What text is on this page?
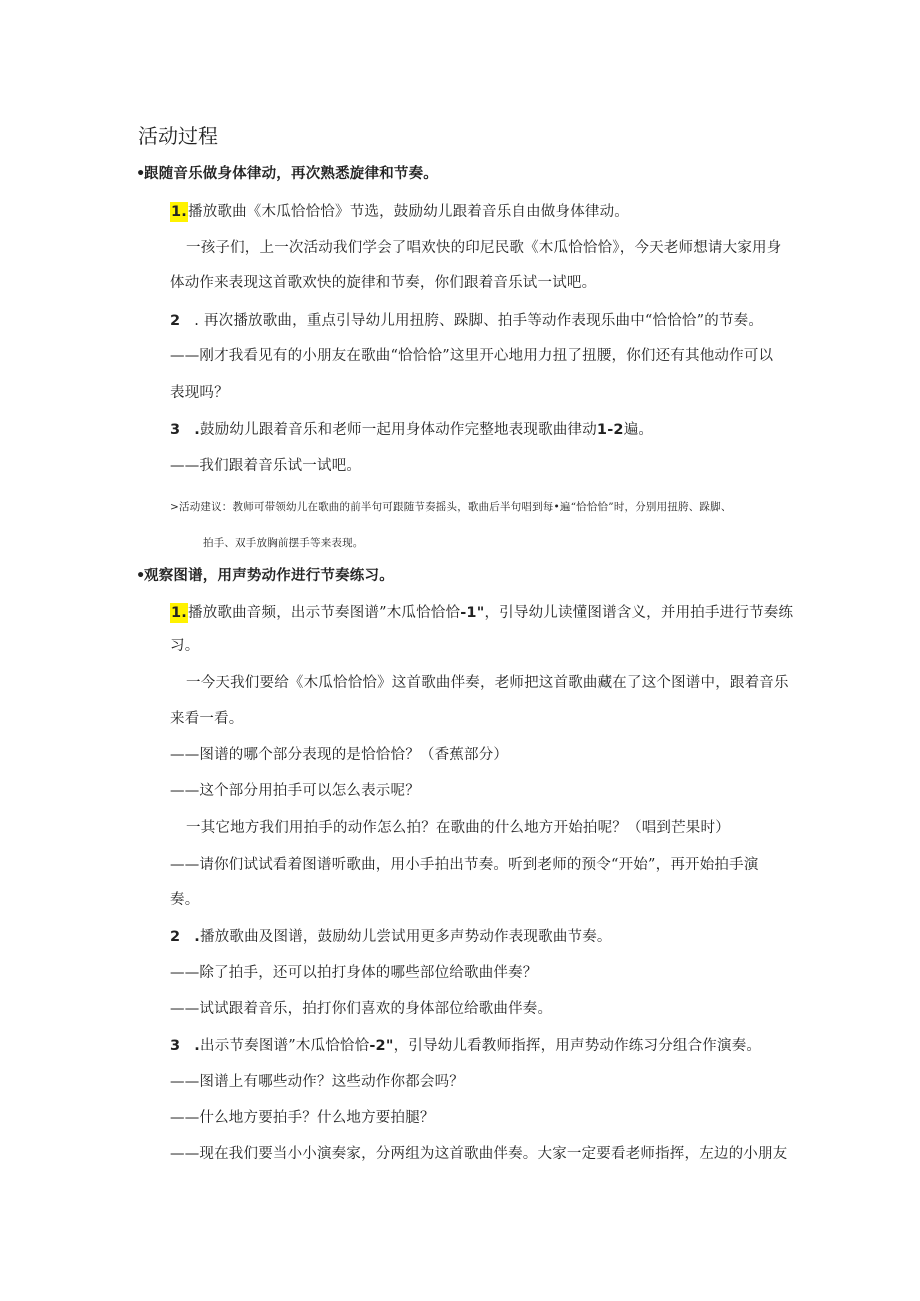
活动过程
•跟随音乐做身体律动，再次熟悉旋律和节奏。
1.播放歌曲《木瓜恰恰恰》节选，鼓励幼儿跟着音乐自由做身体律动。
一孩子们，上一次活动我们学会了唱欢快的印尼民歌《木瓜恰恰恰》，今天老师想请大家用身
体动作来表现这首歌欢快的旋律和节奏，你们跟着音乐试一试吧。
2 . 再次播放歌曲，重点引导幼儿用扭胯、跺脚、拍手等动作表现乐曲中“恰恰恰”的节奏。
——刚才我看见有的小朋友在歌曲“恰恰恰”这里开心地用力扭了扭腰，你们还有其他动作可以
表现吗？
3 .鼓励幼儿跟着音乐和老师一起用身体动作完整地表现歌曲律动1-2遍。
——我们跟着音乐试一试吧。
>活动建议：教师可带领幼儿在歌曲的前半句可跟随节奏摇头，歌曲后半句唱到每•遍“恰恰恰”时，分别用扭胯、跺脚、
拍手、双手放胸前摆手等来表现。
•观察图谱，用声势动作进行节奏练习。
1.播放歌曲音频，出示节奏图谱”木瓜恰恰恰-1"，引导幼儿读懂图谱含义，并用拍手进行节奏练
习。
一今天我们要给《木瓜恰恰恰》这首歌曲伴奏，老师把这首歌曲藏在了这个图谱中，跟着音乐
来看一看。
——图谱的哪个部分表现的是恰恰恰？（香蕉部分）
——这个部分用拍手可以怎么表示呢？
一其它地方我们用拍手的动作怎么拍？在歌曲的什么地方开始拍呢？（唱到芒果时）
——请你们试试看着图谱听歌曲，用小手拍出节奏。听到老师的预令“开始”，再开始拍手演
奏。
2 .播放歌曲及图谱，鼓励幼儿尝试用更多声势动作表现歌曲节奏。
——除了拍手，还可以拍打身体的哪些部位给歌曲伴奏？
——试试跟着音乐，拍打你们喜欢的身体部位给歌曲伴奏。
3 .出示节奏图谱”木瓜恰恰恰-2"，引导幼儿看教师指挥，用声势动作练习分组合作演奏。
——图谱上有哪些动作？这些动作你都会吗？
——什么地方要拍手？什么地方要拍腿？
——现在我们要当小小演奏家，分两组为这首歌曲伴奏。大家一定要看老师指挥，左边的小朋友
